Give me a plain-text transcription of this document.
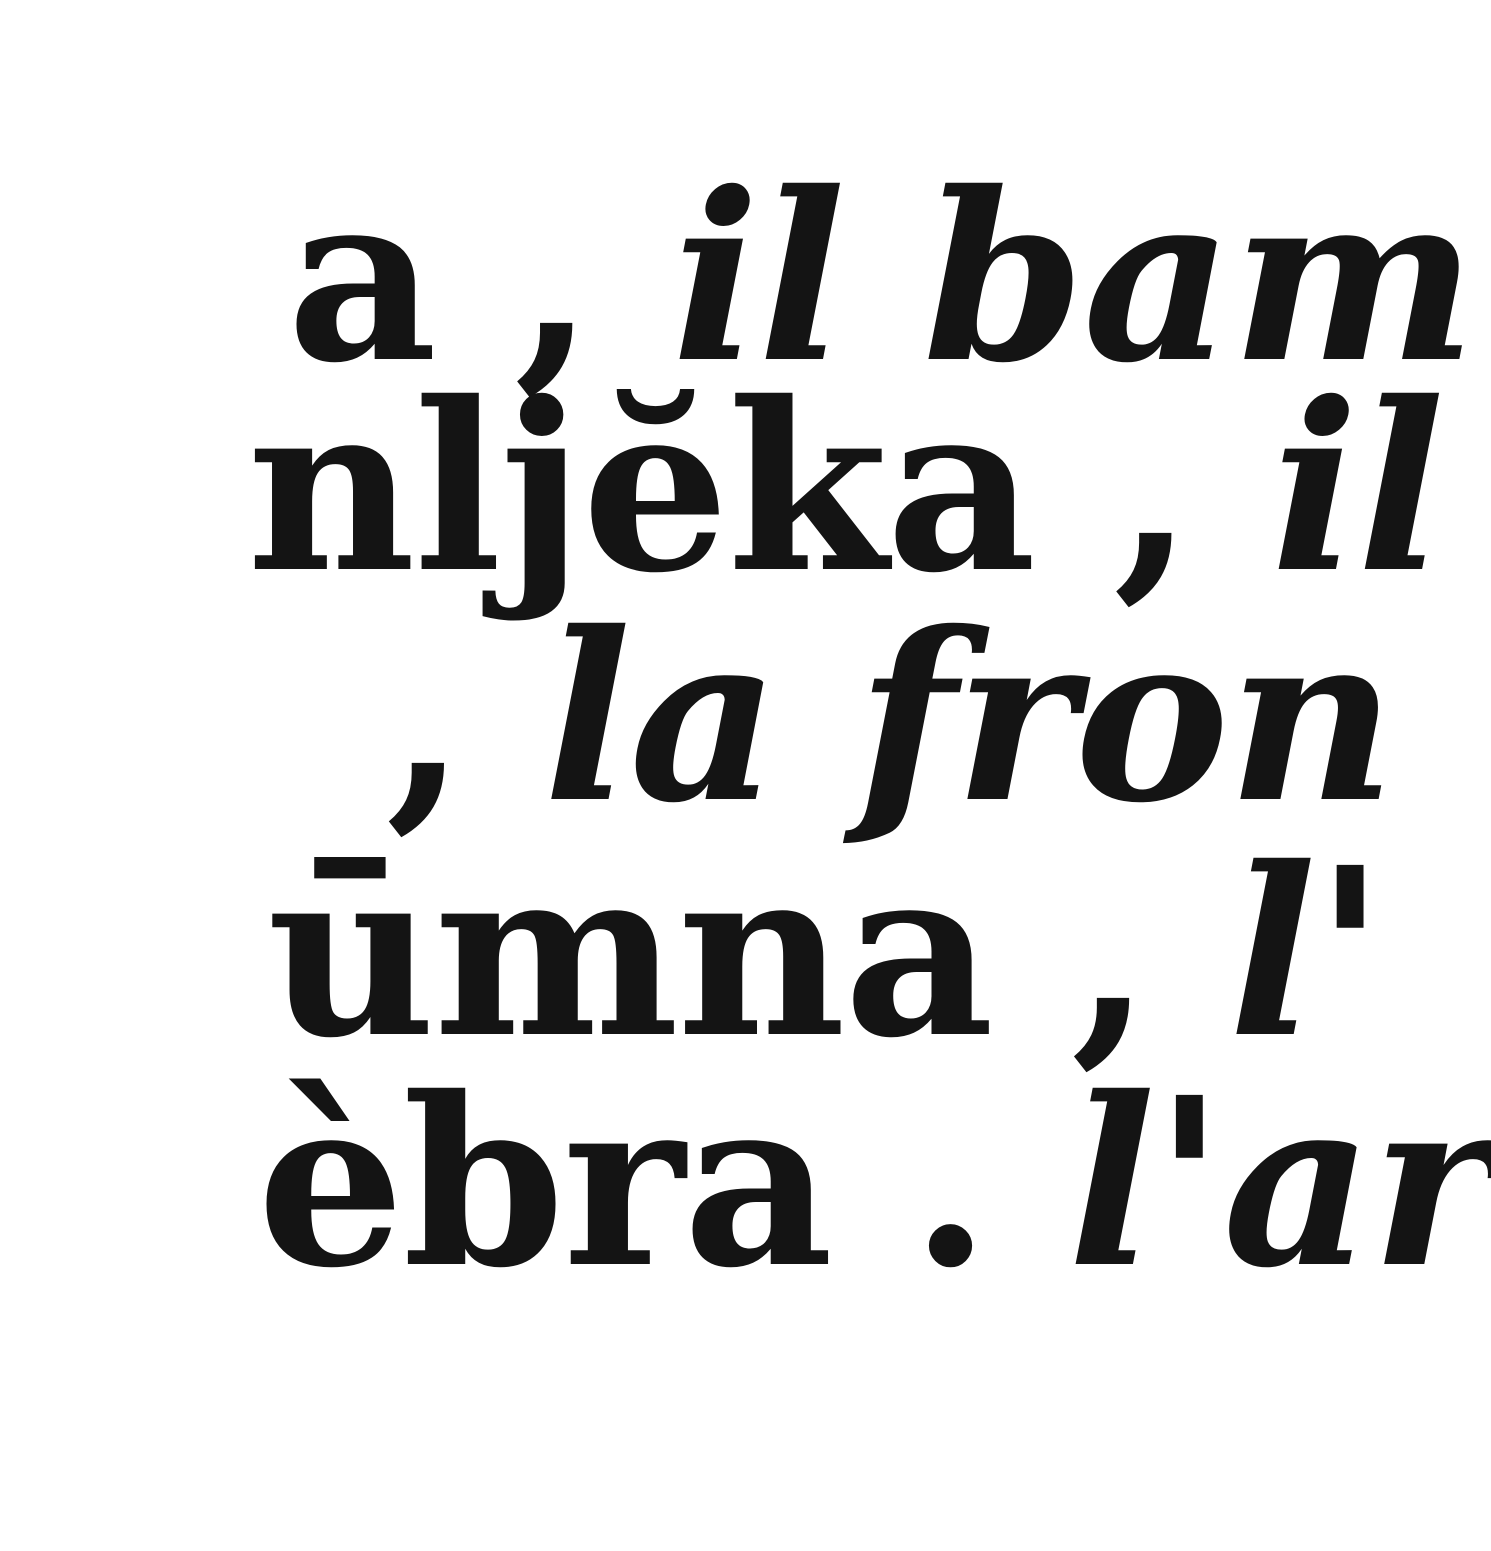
a , il bam

nljĕka , il

, la fron

ūmna , l'

èbra . l'ar
